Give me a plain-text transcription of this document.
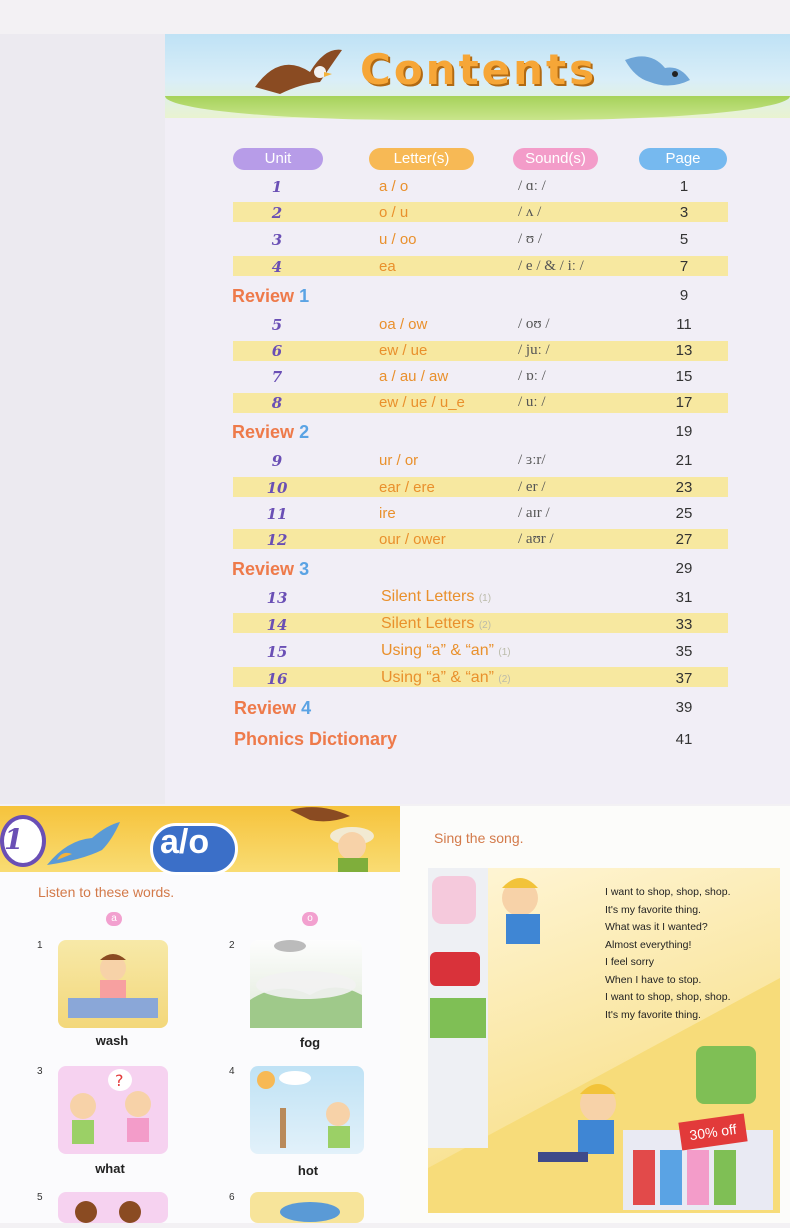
Contents
Unit	Letter(s)	Sound(s)	Page
1	a / o	/ ɑː /	1
2	o / u	/ ʌ /	3
3	u / oo	/ ʊ /	5
4	ea	/ e / & / iː /	7
Review 1	9
5	oa / ow	/ oʊ /	11
6	ew / ue	/ juː /	13
7	a / au / aw	/ ɒː /	15
8	ew / ue / u_e	/ uː /	17
Review 2	19
9	ur / or	/ ɜːr/	21
10	ear / ere	/ er /	23
11	ire	/ aɪr /	25
12	our / ower	/ aʊr /	27
Review 3	29
13	Silent Letters (1)	31
14	Silent Letters (2)	33
15	Using “a” & “an” (1)	35
16	Using “a” & “an” (2)	37
Review 4	39
Phonics Dictionary	41
1	a/o
Listen to these words.
a	o
1
wash
2
fog
3	?
what
4
hot
5	6
Sing the song.
I want to shop, shop, shop.
It's my favorite thing.
What was it I wanted?
Almost everything!
I feel sorry
When I have to stop.
I want to shop, shop, shop.
It's my favorite thing.
30% off
